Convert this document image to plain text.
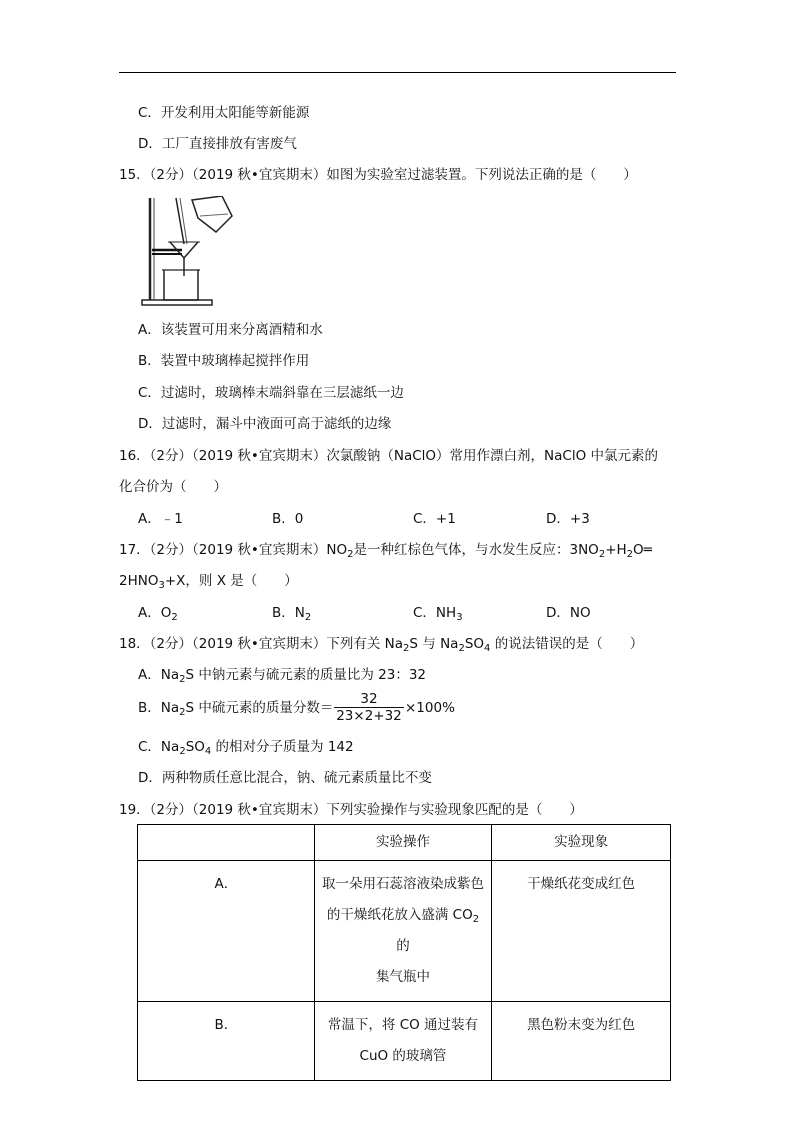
C．开发利用太阳能等新能源
D．工厂直接排放有害废气
15．（2分）（2019 秋•宜宾期末）如图为实验室过滤装置。下列说法正确的是（　　）
A．该装置可用来分离酒精和水
B．装置中玻璃棒起搅拌作用
C．过滤时，玻璃棒末端斜靠在三层滤纸一边
D．过滤时，漏斗中液面可高于滤纸的边缘
16．（2分）（2019 秋•宜宾期末）次氯酸钠（NaClO）常用作漂白剂，NaClO 中氯元素的
化合价为（　　）
A．﹣1	B．0	C．+1	D．+3
17．（2分）（2019 秋•宜宾期末）$NO_2$是一种红棕色气体，与水发生反应：$3NO_2+H_2O═$
$2HNO_3+X$，则 X 是（　　）
A．$O_2$	B．$N_2$	C．$NH_3$	D．NO
18．（2分）（2019 秋•宜宾期末）下列有关 $Na_2S$ 与 $Na_2SO_4$ 的说法错误的是（　　）
A．$Na_2S$ 中钠元素与硫元素的质量比为 23：32
B．$Na_2S$ 中硫元素的质量分数＝ $\frac{32}{23\times 2+32} \times 100\%$
C．$Na_2SO_4$ 的相对分子质量为 142
D．两种物质任意比混合，钠、硫元素质量比不变
19．（2分）（2019 秋•宜宾期末）下列实验操作与实验现象匹配的是（　　）
	实验操作	实验现象
A．	取一朵用石蕊溶液染成紫色
的干燥纸花放入盛满 $CO_2$ 的
集气瓶中	干燥纸花变成红色
B．	常温下，将 CO 通过装有
CuO 的玻璃管	黑色粉末变为红色
